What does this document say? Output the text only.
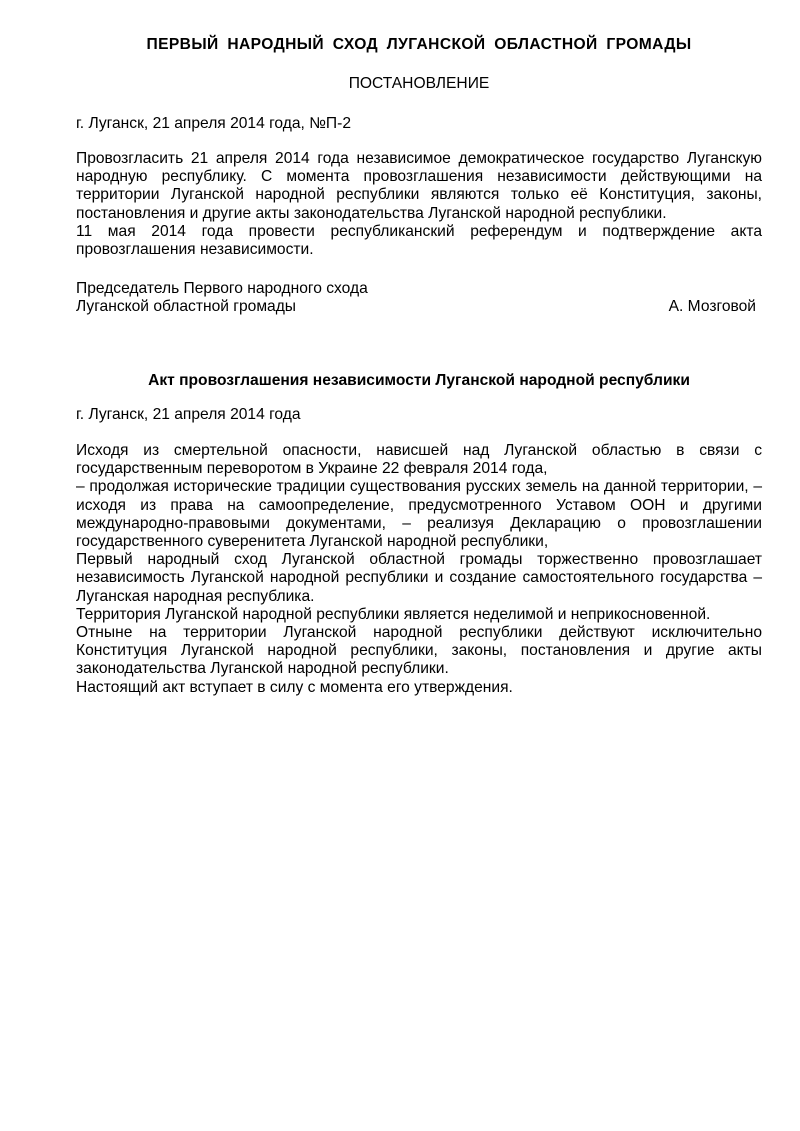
ПЕРВЫЙ НАРОДНЫЙ СХОД ЛУГАНСКОЙ ОБЛАСТНОЙ ГРОМАДЫ
ПОСТАНОВЛЕНИЕ
г. Луганск, 21 апреля 2014 года, №П-2

Провозгласить 21 апреля 2014 года независимое демократическое государство Луганскую народную республику. С момента провозглашения независимости действующими на территории Луганской народной республики являются только её Конституция, законы, постановления и другие акты законодательства Луганской народной республики.

11 мая 2014 года провести республиканский референдум и подтверждение акта провозглашения независимости.

Председатель Первого народного схода
Луганской областной громады	А. Мозговой
Акт провозглашения независимости Луганской народной республики
г. Луганск, 21 апреля 2014 года

Исходя из смертельной опасности, нависшей над Луганской областью в связи с государственным переворотом в Украине 22 февраля 2014 года,

– продолжая исторические традиции существования русских земель на данной территории, – исходя из права на самоопределение, предусмотренного Уставом ООН и другими международно-правовыми документами, – реализуя Декларацию о провозглашении государственного суверенитета Луганской народной республики,

Первый народный сход Луганской областной громады торжественно провозглашает независимость Луганской народной республики и создание самостоятельного государства – Луганская народная республика.

Территория Луганской народной республики является неделимой и неприкосновенной.

Отныне на территории Луганской народной республики действуют исключительно Конституция Луганской народной республики, законы, постановления и другие акты законодательства Луганской народной республики.

Настоящий акт вступает в силу с момента его утверждения.
